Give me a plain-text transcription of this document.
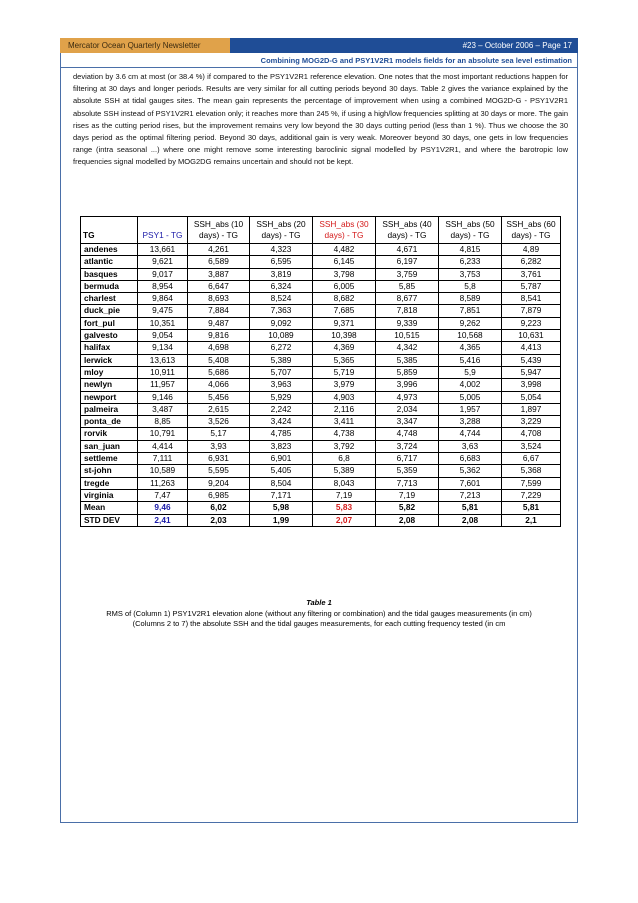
Mercator Ocean Quarterly Newsletter	#23 – October 2006 – Page 17
Combining MOG2D-G and PSY1V2R1 models fields for an absolute sea level estimation
deviation by 3.6 cm at most (or 38.4 %) if compared to the PSY1V2R1 reference elevation. One notes that the most important reductions happen for filtering at 30 days and longer periods. Results are very similar for all cutting periods beyond 30 days. Table 2 gives the variance explained by the absolute SSH at tidal gauges sites. The mean gain represents the percentage of improvement when using a combined MOG2D-G - PSY1V2R1 absolute SSH instead of PSY1V2R1 elevation only; it reaches more than 245 %, if using a high/low frequencies splitting at 30 days or more. The gain rises as the cutting period rises, but the improvement remains very low beyond the 30 days cutting period (less than 1 %). Thus we choose the 30 days period as the optimal filtering period. Beyond 30 days, additional gain is very weak. Moreover beyond 30 days, one gets in low frequencies range (intra seasonal ...) where one might remove some interesting baroclinic signal modelled by PSY1V2R1, and where the barotropic low frequencies signal modelled by MOG2DG remains uncertain and should not be kept.
TG	PSY1 - TG	SSH_abs (10 days) - TG	SSH_abs (20 days) - TG	SSH_abs (30 days) - TG	SSH_abs (40 days) - TG	SSH_abs (50 days) - TG	SSH_abs (60 days) - TG
andenes	13,661	4,261	4,323	4,482	4,671	4,815	4,89
atlantic	9,621	6,589	6,595	6,145	6,197	6,233	6,282
basques	9,017	3,887	3,819	3,798	3,759	3,753	3,761
bermuda	8,954	6,647	6,324	6,005	5,85	5,8	5,787
charlest	9,864	8,693	8,524	8,682	8,677	8,589	8,541
duck_pie	9,475	7,884	7,363	7,685	7,818	7,851	7,879
fort_pul	10,351	9,487	9,092	9,371	9,339	9,262	9,223
galvesto	9,054	9,816	10,089	10,398	10,515	10,568	10,631
halifax	9,134	4,698	6,272	4,369	4,342	4,365	4,413
lerwick	13,613	5,408	5,389	5,365	5,385	5,416	5,439
mloy	10,911	5,686	5,707	5,719	5,859	5,9	5,947
newlyn	11,957	4,066	3,963	3,979	3,996	4,002	3,998
newport	9,146	5,456	5,929	4,903	4,973	5,005	5,054
palmeira	3,487	2,615	2,242	2,116	2,034	1,957	1,897
ponta_de	8,85	3,526	3,424	3,411	3,347	3,288	3,229
rorvik	10,791	5,17	4,785	4,738	4,748	4,744	4,708
san_juan	4,414	3,93	3,823	3,792	3,724	3,63	3,524
settleme	7,111	6,931	6,901	6,8	6,717	6,683	6,67
st-john	10,589	5,595	5,405	5,389	5,359	5,362	5,368
tregde	11,263	9,204	8,504	8,043	7,713	7,601	7,599
virginia	7,47	6,985	7,171	7,19	7,19	7,213	7,229
Mean	9,46	6,02	5,98	5,83	5,82	5,81	5,81
STD DEV	2,41	2,03	1,99	2,07	2,08	2,08	2,1
Table 1
RMS of (Column 1) PSY1V2R1 elevation alone (without any filtering or combination) and the tidal gauges measurements (in cm)
(Columns 2 to 7) the absolute SSH and the tidal gauges measurements, for each cutting frequency tested (in cm
